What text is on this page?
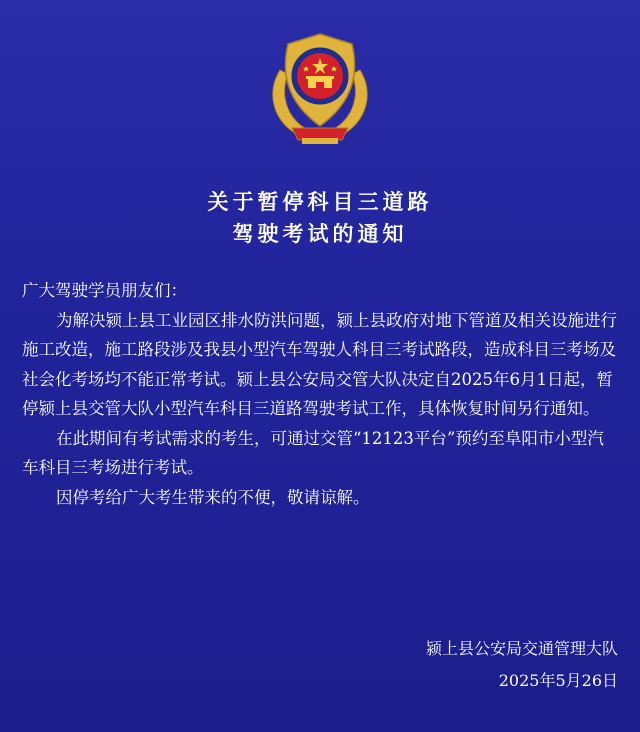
关于暂停科目三道路
驾驶考试的通知

广大驾驶学员朋友们：

为解决颍上县工业园区排水防洪问题，颍上县政府对地下管道及相关设施进行施工改造，施工路段涉及我县小型汽车驾驶人科目三考试路段，造成科目三考场及社会化考场均不能正常考试。颍上县公安局交管大队决定自2025年6月1日起，暂停颍上县交管大队小型汽车科目三道路驾驶考试工作，具体恢复时间另行通知。

在此期间有考试需求的考生，可通过交管“12123平台”预约至阜阳市小型汽车科目三考场进行考试。

因停考给广大考生带来的不便，敬请谅解。

颍上县公安局交通管理大队
2025年5月26日
